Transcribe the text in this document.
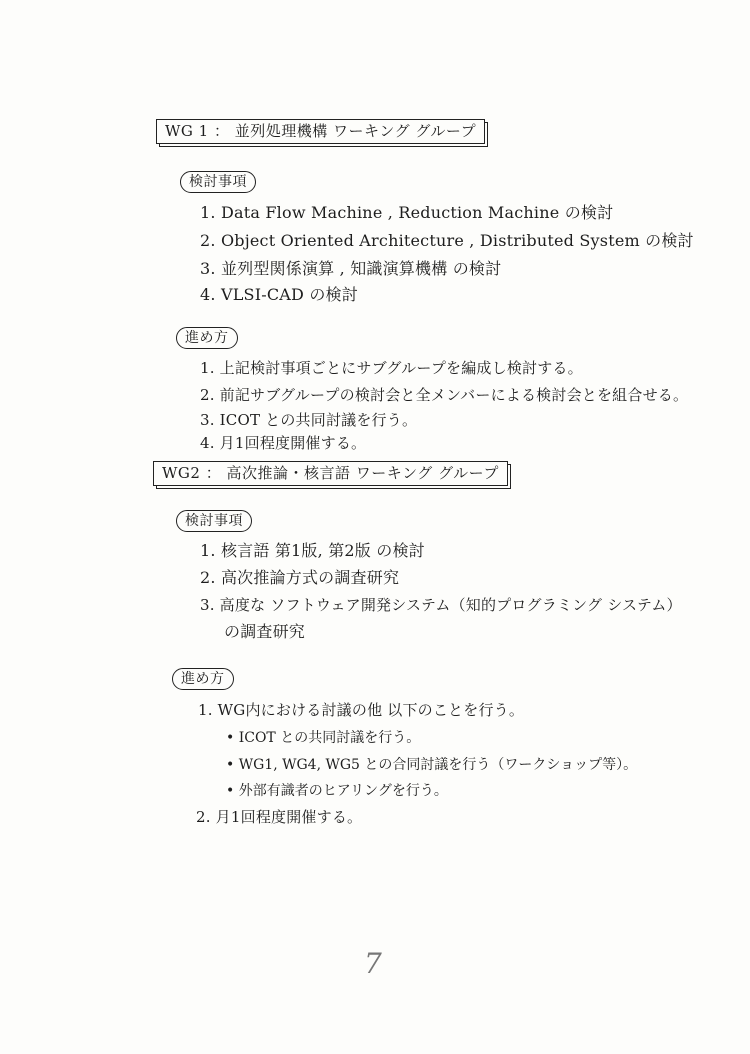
WG 1 ： 並列処理機構 ワーキング グループ
検討事項
1. Data Flow Machine , Reduction Machine の検討
2. Object Oriented Architecture , Distributed System の検討
3. 並列型関係演算 , 知識演算機構 の検討
4. VLSI-CAD の検討
進め方
1. 上記検討事項ごとにサブグループを編成し検討する。
2. 前記サブグループの検討会と全メンバーによる検討会とを組合せる。
3. ICOT との共同討議を行う。
4. 月1回程度開催する。
WG2 ： 高次推論・核言語 ワーキング グループ
検討事項
1. 核言語 第1版, 第2版 の検討
2. 高次推論方式の調査研究
3. 高度な ソフトウェア開発システム（知的プログラミング システム）
の調査研究
進め方
1. WG内における討議の他 以下のことを行う。
• ICOT との共同討議を行う。
• WG1, WG4, WG5 との合同討議を行う（ワークショップ等）。
• 外部有識者のヒアリングを行う。
2. 月1回程度開催する。
7
